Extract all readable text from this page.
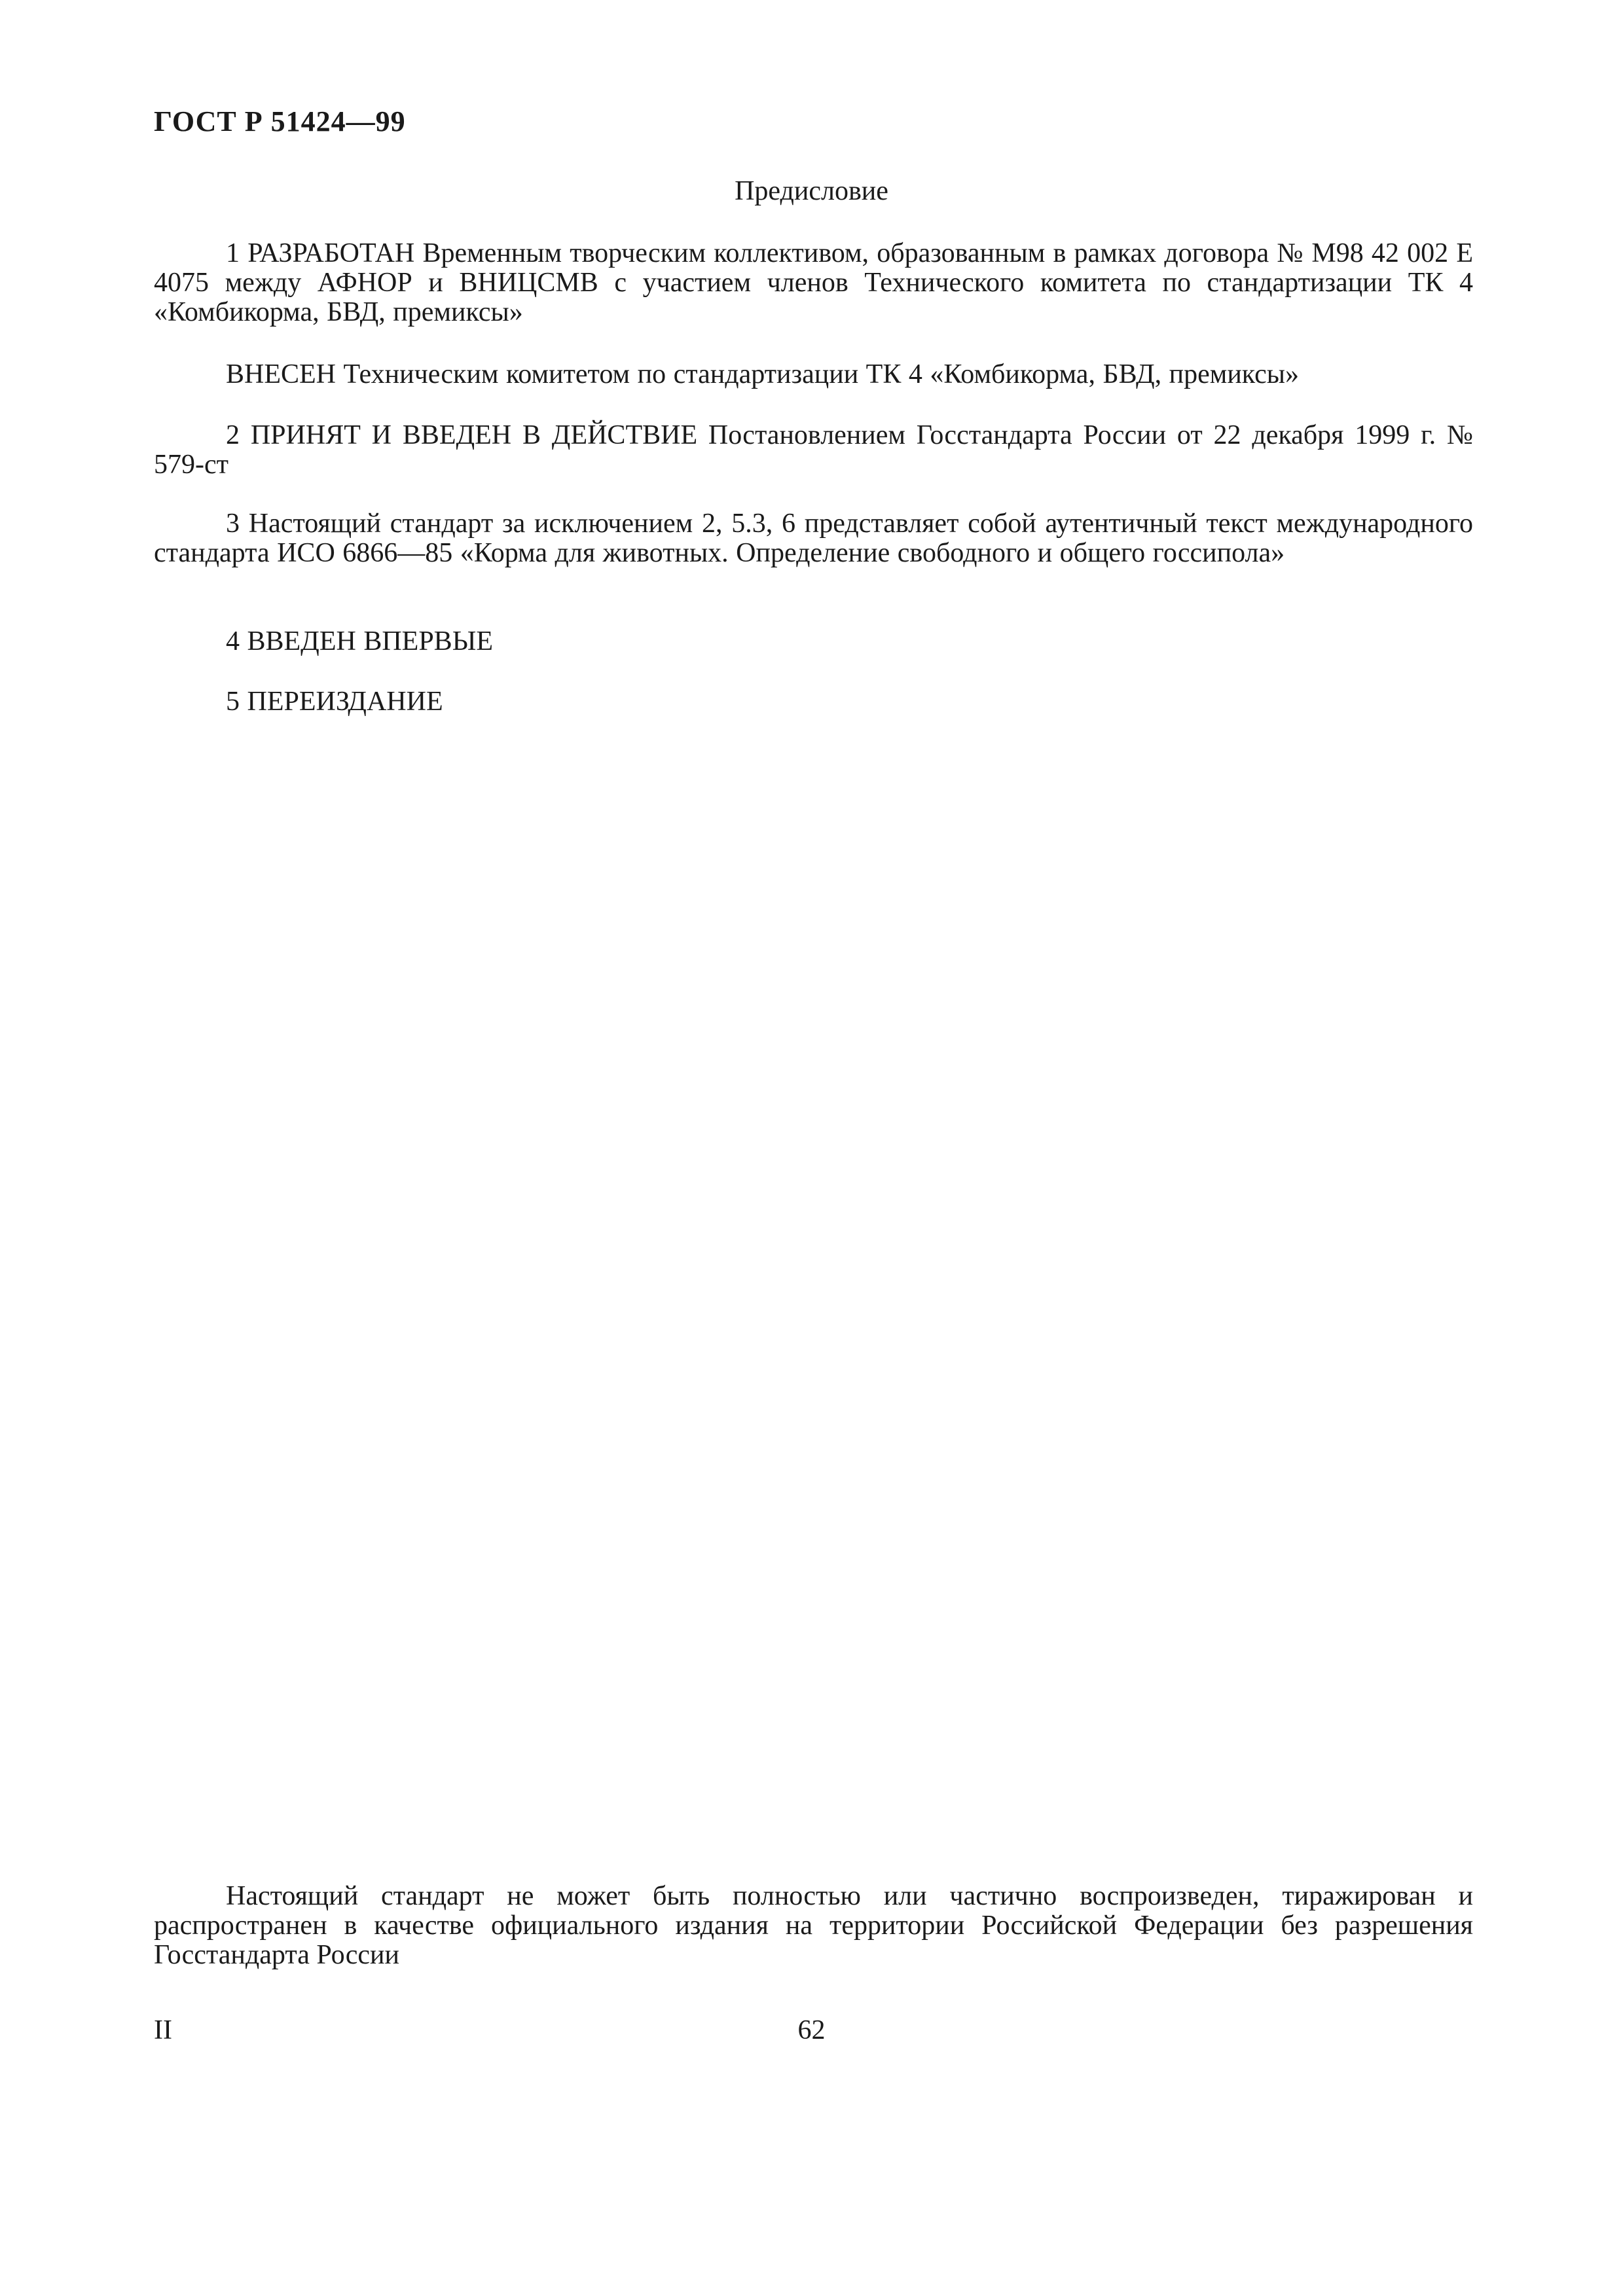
ГОСТ Р 51424—99
Предисловие

1 РАЗРАБОТАН Временным творческим коллективом, образованным в рамках договора № М98 42 002 Е 4075 между АФНОР и ВНИЦСМВ с участием членов Технического комитета по стандартизации ТК 4 «Комбикорма, БВД, премиксы»

ВНЕСЕН Техническим комитетом по стандартизации ТК 4 «Комбикорма, БВД, премиксы»

2 ПРИНЯТ И ВВЕДЕН В ДЕЙСТВИЕ Постановлением Госстандарта России от 22 декабря 1999 г. № 579-ст

3 Настоящий стандарт за исключением 2, 5.3, 6 представляет собой аутентичный текст международного стандарта ИСО 6866—85 «Корма для животных. Определение свободного и общего госсипола»

4 ВВЕДЕН ВПЕРВЫЕ

5 ПЕРЕИЗДАНИЕ

Настоящий стандарт не может быть полностью или частично воспроизведен, тиражирован и распространен в качестве официального издания на территории Российской Федерации без разрешения Госстандарта России

II	62
